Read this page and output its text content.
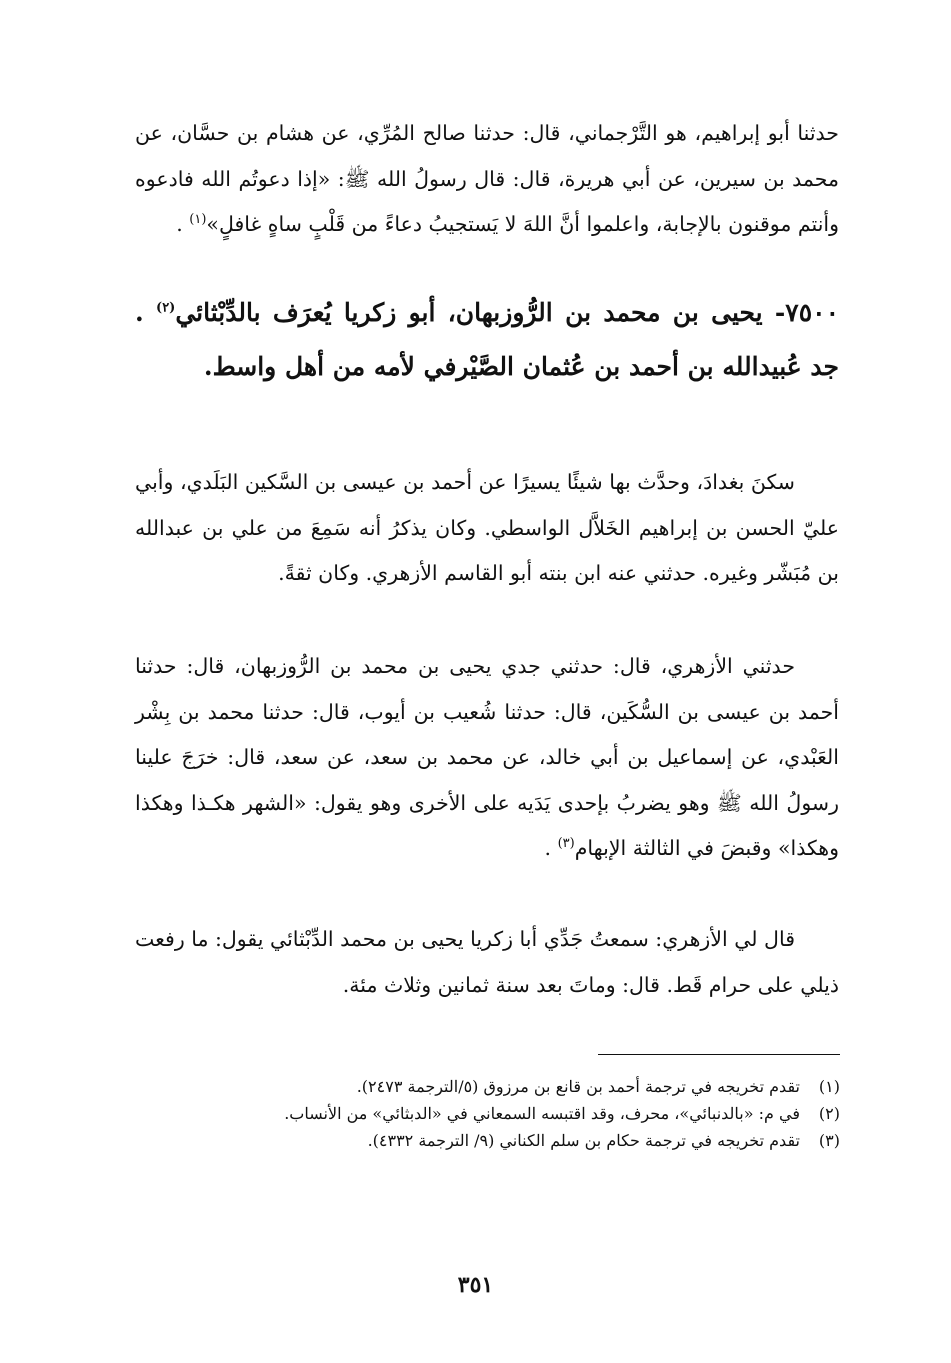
حدثنا أبو إبراهيم، هو التَّرْجماني، قال: حدثنا صالح المُرِّي، عن هشام بن حسَّان، عن محمد بن سيرين، عن أبي هريرة، قال: قال رسولُ الله ﷺ: «إذا دعوتُم الله فادعوه وأنتم موقنون بالإجابة، واعلموا أنَّ اللهَ لا يَستجيبُ دعاءً من قَلْبٍ ساهٍ غافلٍ»$^{(١)}$ .

٧٥٠٠- يحيى بن محمد بن الرُّوزبهان، أبو زكريا يُعرَف بالدِّبْثائي$^{(٢)}$ . جد عُبيدالله بن أحمد بن عُثمان الصَّيْرفي لأمه من أهل واسط.

سكنَ بغدادَ، وحدَّث بها شيئًا يسيرًا عن أحمد بن عيسى بن السَّكين البَلَدي، وأبي عليّ الحسن بن إبراهيم الخَلاَّل الواسطي. وكان يذكرُ أنه سَمِعَ من علي بن عبدالله بن مُبَشّر وغيره. حدثني عنه ابن بنته أبو القاسم الأزهري. وكان ثقةً.

حدثني الأزهري، قال: حدثني جدي يحيى بن محمد بن الرُّوزبهان، قال: حدثنا أحمد بن عيسى بن السُّكَين، قال: حدثنا شُعيب بن أيوب، قال: حدثنا محمد بن بِشْر العَبْدي، عن إسماعيل بن أبي خالد، عن محمد بن سعد، عن سعد، قال: خرَجَ علينا رسولُ الله ﷺ وهو يضربُ بإحدى يَدَيه على الأخرى وهو يقول: «الشهر هكـذا وهكذا وهكذا» وقبضَ في الثالثة الإبهام$^{(٣)}$ .

قال لي الأزهري: سمعتُ جَدِّي أبا زكريا يحيى بن محمد الدِّبْثائي يقول: ما رفعت ذيلي على حرام قَط. قال: وماتَ بعد سنة ثمانين وثلاث مئة.

(١)تقدم تخريجه في ترجمة أحمد بن قانع بن مرزوق (٥/الترجمة ٢٤٧٣).

(٢)في م: «بالدنبائي»، محرف، وقد اقتبسه السمعاني في «الدبثائي» من الأنساب.

(٣)تقدم تخريجه في ترجمة حكام بن سلم الكناني (٩/ الترجمة ٤٣٣٢).

٣٥١
